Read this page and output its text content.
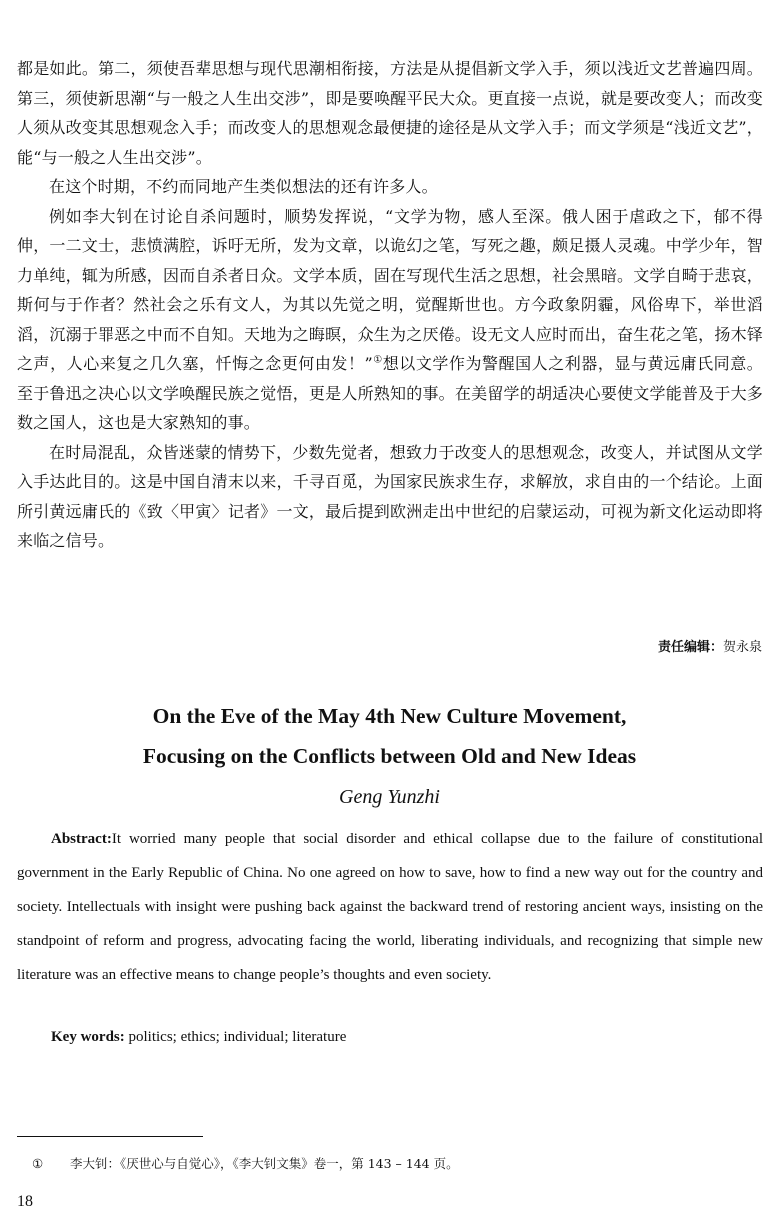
都是如此。第二，须使吾辈思想与现代思潮相衔接，方法是从提倡新文学入手，须以浅近文艺普遍四周。第三，须使新思潮“与一般之人生出交涉”，即是要唤醒平民大众。更直接一点说，就是要改变人；而改变人须从改变其思想观念入手；而改变人的思想观念最便捷的途径是从文学入手；而文学须是“浅近文艺”，能“与一般之人生出交涉”。

在这个时期，不约而同地产生类似想法的还有许多人。

例如李大钊在讨论自杀问题时，顺势发挥说，“文学为物，感人至深。俄人困于虐政之下，郁不得伸，一二文士，悲愤满腔，诉吁无所，发为文章，以诡幻之笔，写死之趣，颇足摄人灵魂。中学少年，智力单纯，辄为所感，因而自杀者日众。文学本质，固在写现代生活之思想，社会黑暗。文学自畸于悲哀，斯何与于作者？然社会之乐有文人，为其以先觉之明，觉醒斯世也。方今政象阴霾，风俗卑下，举世滔滔，沉溺于罪恶之中而不自知。天地为之晦暝，众生为之厌倦。设无文人应时而出，奋生花之笔，扬木铎之声，人心来复之几久塞，忏悔之念更何由发！”①想以文学作为警醒国人之利器，显与黄远庸氏同意。至于鲁迅之决心以文学唤醒民族之觉悟，更是人所熟知的事。在美留学的胡适决心要使文学能普及于大多数之国人，这也是大家熟知的事。

在时局混乱，众皆迷蒙的情势下，少数先觉者，想致力于改变人的思想观念，改变人，并试图从文学入手达此目的。这是中国自清末以来，千寻百觅，为国家民族求生存，求解放，求自由的一个结论。上面所引黄远庸氏的《致〈甲寅〉记者》一文，最后提到欧洲走出中世纪的启蒙运动，可视为新文化运动即将来临之信号。

责任编辑：贺永泉
On the Eve of the May 4th New Culture Movement,
Focusing on the Conflicts between Old and New Ideas
Geng Yunzhi

Abstract:It worried many people that social disorder and ethical collapse due to the failure of constitutional government in the Early Republic of China. No one agreed on how to save, how to find a new way out for the country and society. Intellectuals with insight were pushing back against the backward trend of restoring ancient ways, insisting on the standpoint of reform and progress, advocating facing the world, liberating individuals, and recognizing that simple new literature was an effective means to change people’s thoughts and even society.

Key words: politics; ethics; individual; literature
① 李大钊：《厌世心与自觉心》，《李大钊文集》卷一，第 143 – 144 页。
18
